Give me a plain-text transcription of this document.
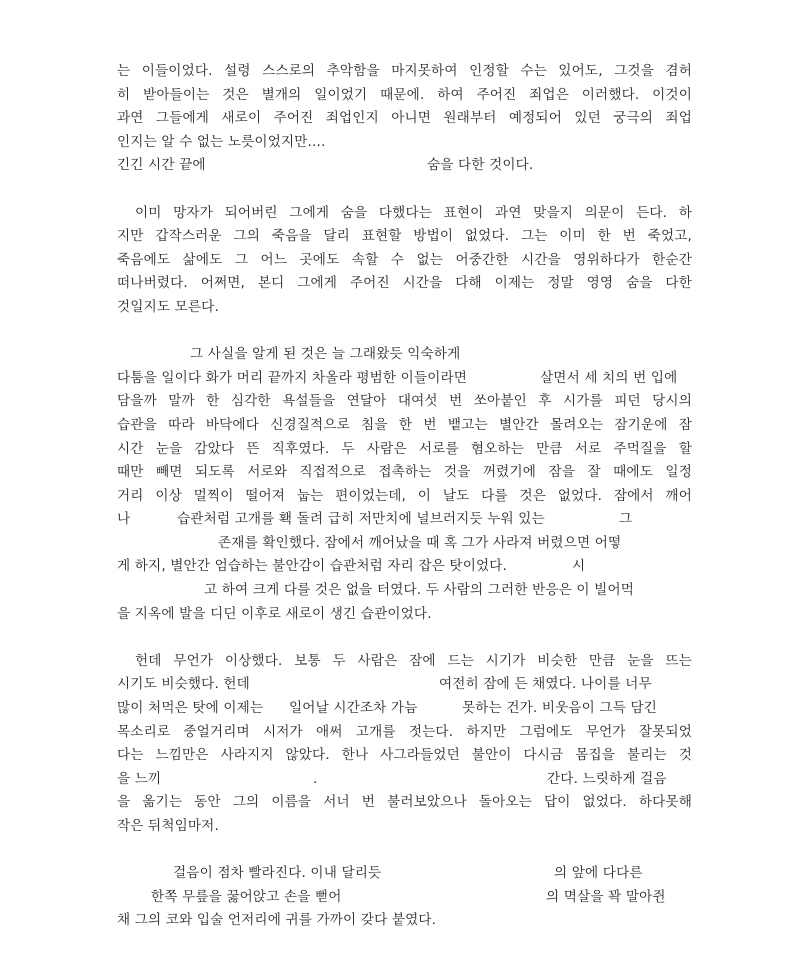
는 이들이었다. 설령 스스로의 추악함을 마지못하여 인정할 수는 있어도, 그것을 겸허
히 받아들이는 것은 별개의 일이었기 때문에. 하여 주어진 죄업은 이러했다. 이것이
과연 그들에게 새로이 주어진 죄업인지 아니면 원래부터 예정되어 있던 궁극의 죄업
인지는 알 수 없는 노릇이었지만....
긴긴 시간 끝에	숨을 다한 것이다.
이미 망자가 되어버린 그에게 숨을 다했다는 표현이 과연 맞을지 의문이 든다. 하
지만 갑작스러운 그의 죽음을 달리 표현할 방법이 없었다. 그는 이미 한 번 죽었고,
죽음에도 삶에도 그 어느 곳에도 속할 수 없는 어중간한 시간을 영위하다가 한순간
떠나버렸다. 어쩌면, 본디 그에게 주어진 시간을 다해 이제는 정말 영영 숨을 다한
것일지도 모른다.
그 사실을 알게 된 것은 늘 그래왔듯 익숙하게
다툼을 일이다 화가 머리 끝까지 차올라 평범한 이들이라면	살면서 세 치의 번 입에
담을까 말까 한 심각한 욕설들을 연달아 대여섯 번 쏘아붙인 후 시가를 피던 당시의
습관을 따라 바닥에다 신경질적으로 침을 한 번 뱉고는 별안간 몰려오는 잠기운에 잠
시간 눈을 감았다 뜬 직후였다. 두 사람은 서로를 혐오하는 만큼 서로 주먹질을 할
때만 빼면 되도록 서로와 직접적으로 접촉하는 것을 꺼렸기에 잠을 잘 때에도 일정
거리 이상 멀찍이 떨어져 눕는 편이었는데, 이 날도 다를 것은 없었다. 잠에서 깨어
나	습관처럼 고개를 홱 돌려 급히 저만치에 널브러지듯 누워 있는	그
존재를 확인했다. 잠에서 깨어났을 때 혹 그가 사라져 버렸으면 어떻
게 하지, 별안간 엄습하는 불안감이 습관처럼 자리 잡은 탓이었다.	시
고 하여 크게 다를 것은 없을 터였다. 두 사람의 그러한 반응은 이 빌어먹
을 지옥에 발을 디딘 이후로 새로이 생긴 습관이었다.
헌데 무언가 이상했다. 보통 두 사람은 잠에 드는 시기가 비슷한 만큼 눈을 뜨는
시기도 비슷했다. 헌데	여전히 잠에 든 채였다. 나이를 너무
많이 처먹은 탓에 이제는 일어날 시간조차 가늠	못하는 건가. 비웃음이 그득 담긴
목소리로 중얼거리며 시저가 애써 고개를 젓는다. 하지만 그럼에도 무언가 잘못되었
다는 느낌만은 사라지지 않았다. 한나 사그라들었던 불안이 다시금 몸집을 불리는 것
을 느끼	.	간다. 느릿하게 걸음
을 옮기는 동안 그의 이름을 서너 번 불러보았으나 돌아오는 답이 없었다. 하다못해
작은 뒤척임마저.
걸음이 점차 빨라진다. 이내 달리듯	의 앞에 다다른
한쪽 무릎을 꿇어앉고 손을 뻗어	의 멱살을 꽉 말아쥔
채 그의 코와 입술 언저리에 귀를 가까이 갖다 붙였다.
